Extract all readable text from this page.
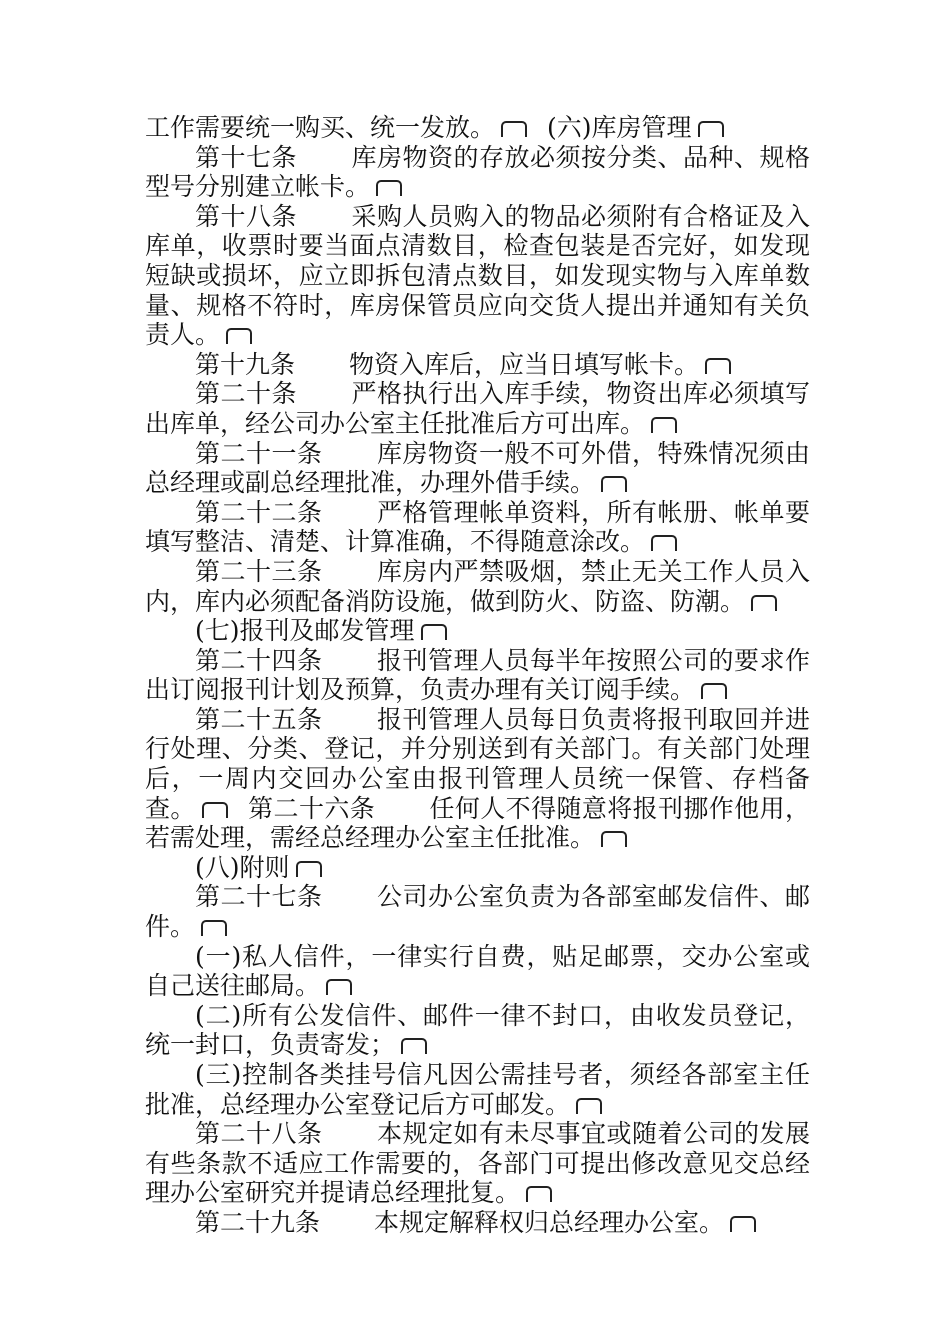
工作需要统一购买、统一发放。 (六)库房管理

第十七条 库房物资的存放必须按分类、品种、规格型号分别建立帐卡。

第十八条 采购人员购入的物品必须附有合格证及入库单，收票时要当面点清数目，检查包装是否完好，如发现短缺或损坏，应立即拆包清点数目，如发现实物与入库单数量、规格不符时，库房保管员应向交货人提出并通知有关负责人。

第十九条 物资入库后，应当日填写帐卡。

第二十条 严格执行出入库手续，物资出库必须填写出库单，经公司办公室主任批准后方可出库。

第二十一条 库房物资一般不可外借，特殊情况须由总经理或副总经理批准，办理外借手续。

第二十二条 严格管理帐单资料，所有帐册、帐单要填写整洁、清楚、计算准确，不得随意涂改。

第二十三条 库房内严禁吸烟，禁止无关工作人员入内，库内必须配备消防设施，做到防火、防盗、防潮。

(七)报刊及邮发管理

第二十四条 报刊管理人员每半年按照公司的要求作出订阅报刊计划及预算，负责办理有关订阅手续。

第二十五条 报刊管理人员每日负责将报刊取回并进行处理、分类、登记，并分别送到有关部门。有关部门处理后，一周内交回办公室由报刊管理人员统一保管、存档备查。 第二十六条 任何人不得随意将报刊挪作他用，若需处理，需经总经理办公室主任批准。

(八)附则

第二十七条 公司办公室负责为各部室邮发信件、邮件。

(一)私人信件，一律实行自费，贴足邮票，交办公室或自己送往邮局。

(二)所有公发信件、邮件一律不封口，由收发员登记，统一封口，负责寄发；

(三)控制各类挂号信凡因公需挂号者，须经各部室主任批准，总经理办公室登记后方可邮发。

第二十八条 本规定如有未尽事宜或随着公司的发展有些条款不适应工作需要的，各部门可提出修改意见交总经理办公室研究并提请总经理批复。

第二十九条 本规定解释权归总经理办公室。
